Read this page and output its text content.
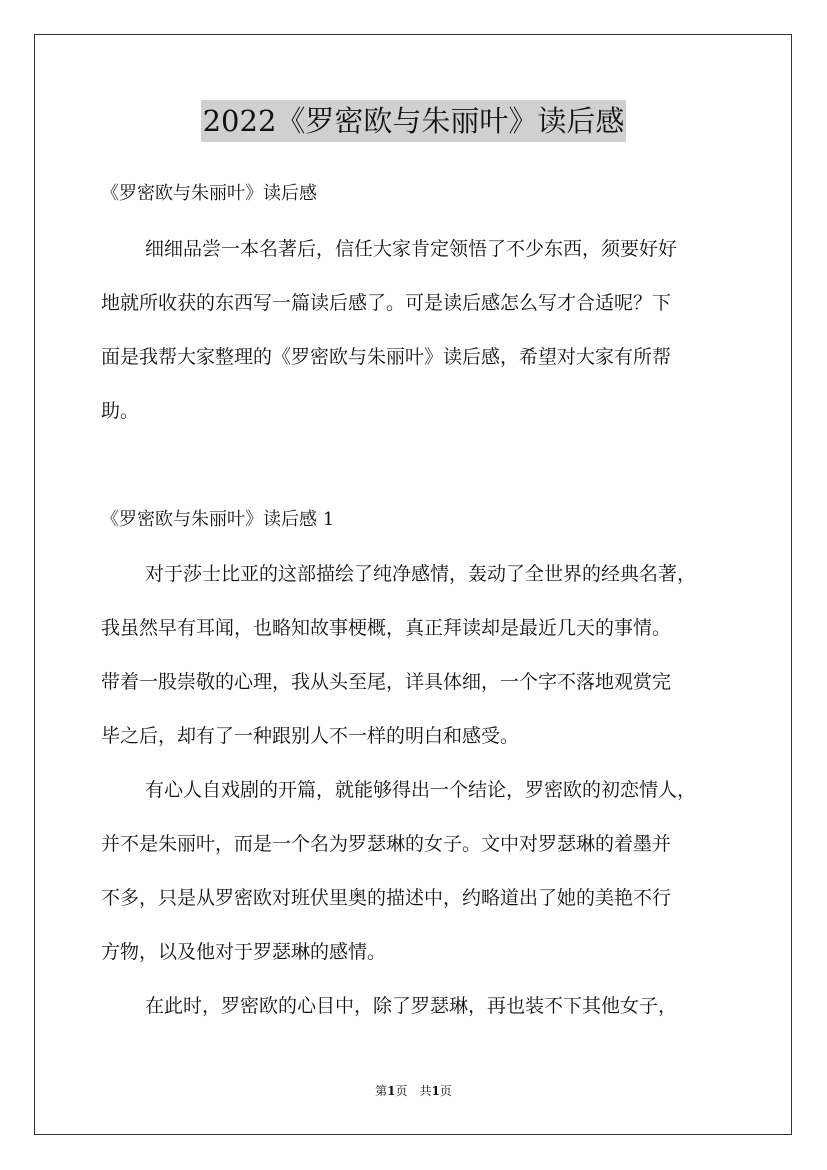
2022《罗密欧与朱丽叶》读后感
《罗密欧与朱丽叶》读后感
细细品尝一本名著后，信任大家肯定领悟了不少东西，须要好好
地就所收获的东西写一篇读后感了。可是读后感怎么写才合适呢？下
面是我帮大家整理的《罗密欧与朱丽叶》读后感，希望对大家有所帮
助。
《罗密欧与朱丽叶》读后感 1
对于莎士比亚的这部描绘了纯净感情，轰动了全世界的经典名著，
我虽然早有耳闻，也略知故事梗概，真正拜读却是最近几天的事情。
带着一股崇敬的心理，我从头至尾，详具体细，一个字不落地观赏完
毕之后，却有了一种跟别人不一样的明白和感受。
有心人自戏剧的开篇，就能够得出一个结论，罗密欧的初恋情人，
并不是朱丽叶，而是一个名为罗瑟琳的女子。文中对罗瑟琳的着墨并
不多，只是从罗密欧对班伏里奥的描述中，约略道出了她的美艳不行
方物，以及他对于罗瑟琳的感情。
在此时，罗密欧的心目中，除了罗瑟琳，再也装不下其他女子，
第1页　共1页
